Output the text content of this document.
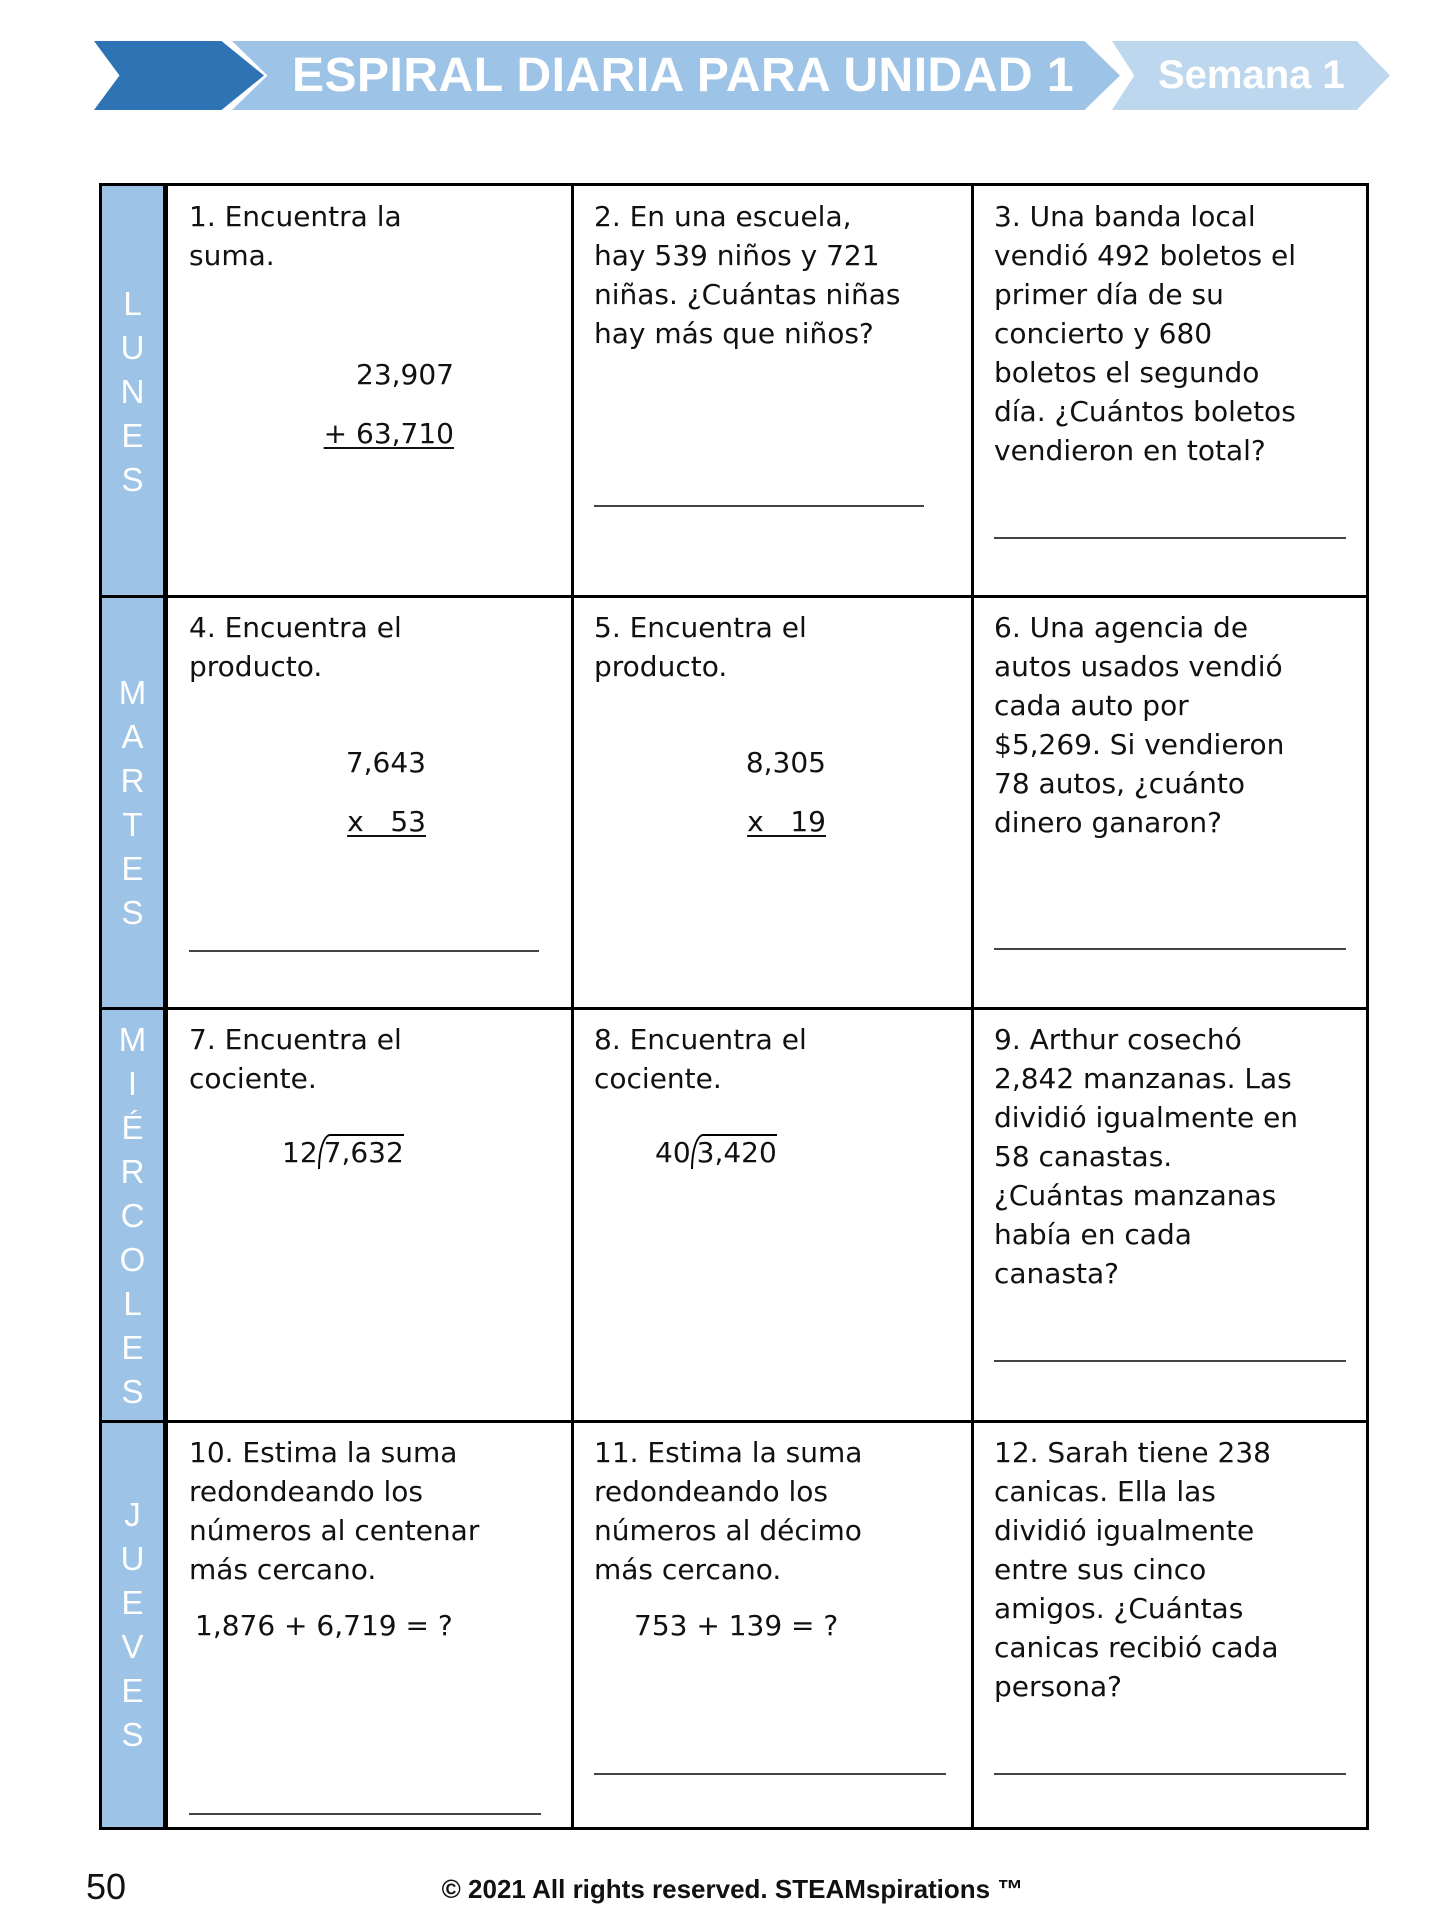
ESPIRAL DIARIA PARA UNIDAD 1 Semana 1
L
U
N
E
S
M
A
R
T
E
S
M
I
É
R
C
O
L
E
S
J
U
E
V
E
S
1. Encuentra la
suma.
23,907
+ 63,710
2. En una escuela,
hay 539 niños y 721
niñas. ¿Cuántas niñas
hay más que niños?
3. Una banda local
vendió 492 boletos el
primer día de su
concierto y 680
boletos el segundo
día. ¿Cuántos boletos
vendieron en total?
4. Encuentra el
producto.
7,643
x   53
5. Encuentra el
producto.
8,305
x   19
6. Una agencia de
autos usados vendió
cada auto por
$5,269. Si vendieron
78 autos, ¿cuánto
dinero ganaron?
7. Encuentra el
cociente.
12 7,632
8. Encuentra el
cociente.
40 3,420
9. Arthur cosechó
2,842 manzanas. Las
dividió igualmente en
58 canastas.
¿Cuántas manzanas
había en cada
canasta?
10. Estima la suma
redondeando los
números al centenar
más cercano.
1,876 + 6,719 = ?
11. Estima la suma
redondeando los
números al décimo
más cercano.
753 + 139 = ?
12. Sarah tiene 238
canicas. Ella las
dividió igualmente
entre sus cinco
amigos. ¿Cuántas
canicas recibió cada
persona?
50	© 2021 All rights reserved. STEAMspirations ™
